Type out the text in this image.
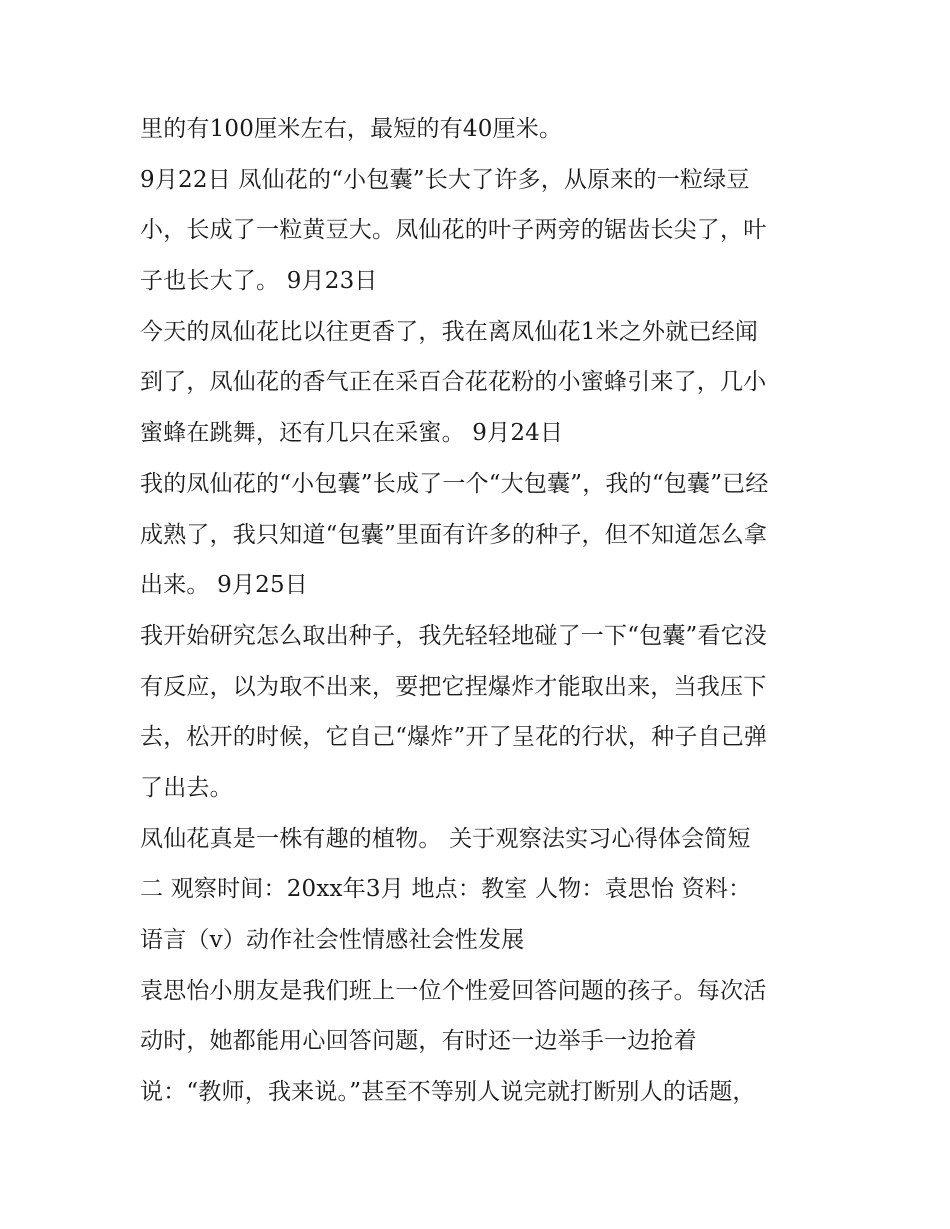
里的有100厘米左右，最短的有40厘米。
9月22日 凤仙花的“小包囊”长大了许多，从原来的一粒绿豆
小，长成了一粒黄豆大。凤仙花的叶子两旁的锯齿长尖了，叶
子也长大了。 9月23日
今天的凤仙花比以往更香了，我在离凤仙花1米之外就已经闻
到了，凤仙花的香气正在采百合花花粉的小蜜蜂引来了，几小
蜜蜂在跳舞，还有几只在采蜜。 9月24日
我的凤仙花的“小包囊”长成了一个“大包囊”，我的“包囊”已经
成熟了，我只知道“包囊”里面有许多的种子，但不知道怎么拿
出来。 9月25日
我开始研究怎么取出种子，我先轻轻地碰了一下“包囊”看它没
有反应，以为取不出来，要把它捏爆炸才能取出来，当我压下
去，松开的时候，它自己“爆炸”开了呈花的行状，种子自己弹
了出去。
凤仙花真是一株有趣的植物。 关于观察法实习心得体会简短
二 观察时间：20xx年3月 地点：教室 人物：袁思怡 资料：
语言（v）动作社会性情感社会性发展
袁思怡小朋友是我们班上一位个性爱回答问题的孩子。每次活
动时，她都能用心回答问题，有时还一边举手一边抢着
说：“教师，我来说。”甚至不等别人说完就打断别人的话题，
